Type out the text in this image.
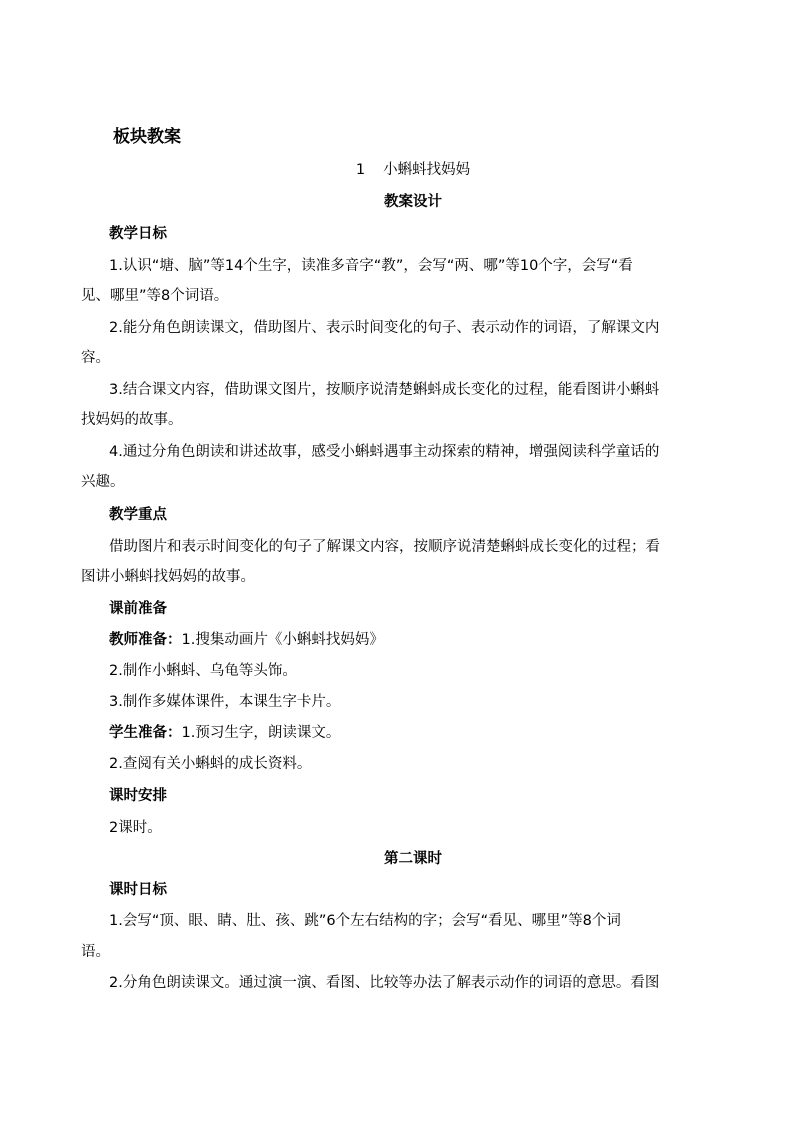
板块教案
1 小蝌蚪找妈妈
教案设计
教学日标
1.认识“塘、脑”等14个生字，读准多音字“教”，会写“两、哪”等10个字，会写“看
见、哪里”等8个词语。
2.能分角色朗读课文，借助图片、表示时间变化的句子、表示动作的词语，了解课文内
容。
3.结合课文内容，借助课文图片，按顺序说清楚蝌蚪成长变化的过程，能看图讲小蝌蚪
找妈妈的故事。
4.通过分角色朗读和讲述故事，感受小蝌蚪遇事主动探索的精神，增强阅读科学童话的
兴趣。
教学重点
借助图片和表示时间变化的句子了解课文内容，按顺序说清楚蝌蚪成长变化的过程；看
图讲小蝌蚪找妈妈的故事。
课前准备
教师准备：1.搜集动画片《小蝌蚪找妈妈》
2.制作小蝌蚪、乌龟等头饰。
3.制作多媒体课件，本课生字卡片。
学生准备：1.预习生字，朗读课文。
2.查阅有关小蝌蚪的成长资料。
课时安排
2课时。
第二课时
课时日标
1.会写“顶、眼、睛、肚、孩、跳”6个左右结构的字；会写“看见、哪里”等8个词
语。
2.分角色朗读课文。通过演一演、看图、比较等办法了解表示动作的词语的意思。看图
